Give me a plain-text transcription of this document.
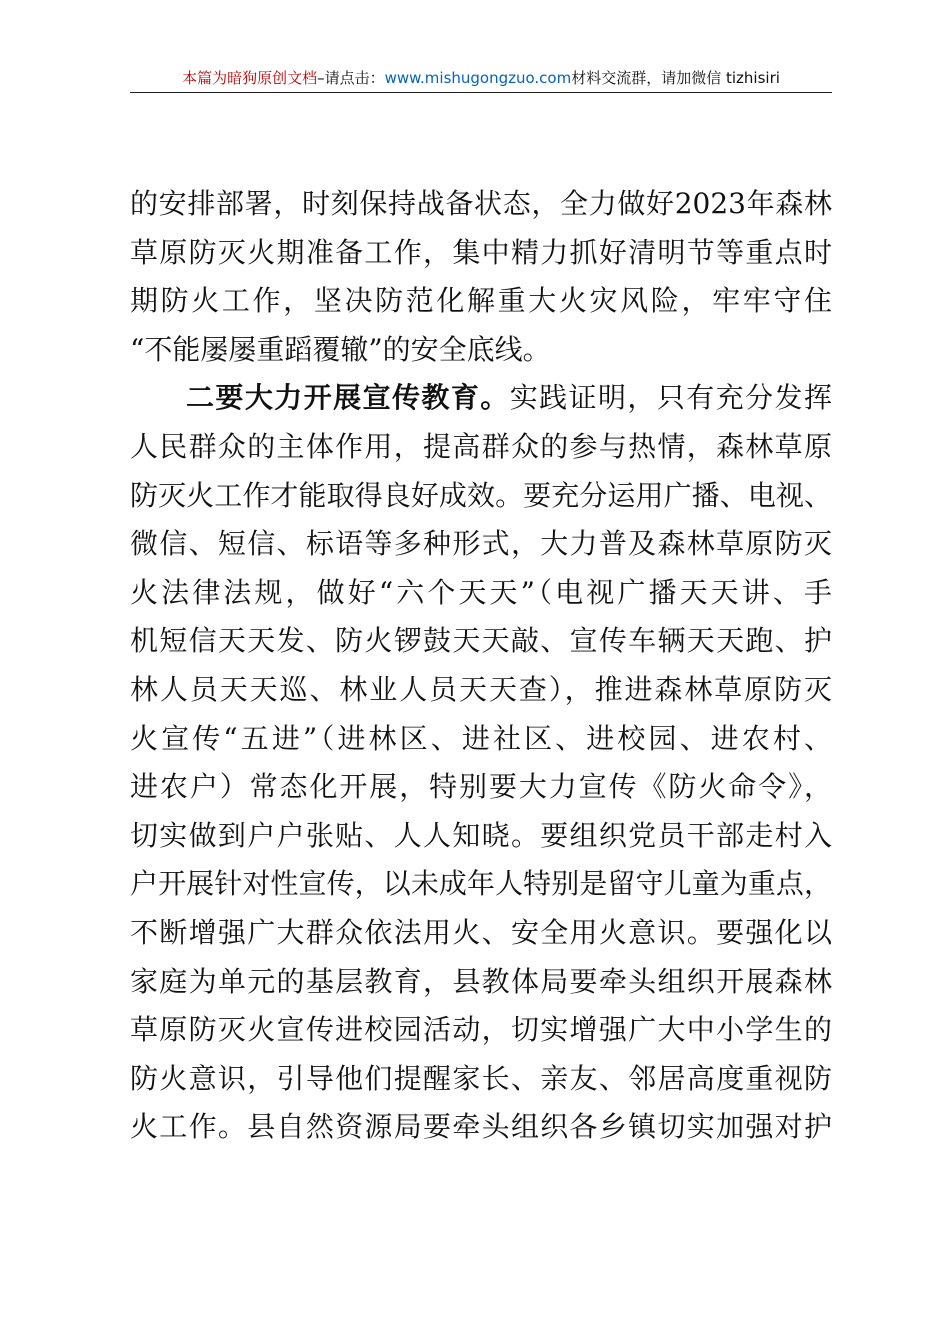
本篇为暗狗原创文档–请点击：www.mishugongzuo.com材料交流群，请加微信 tizhisiri
的安排部署，时刻保持战备状态，全力做好2023年森林
草原防灭火期准备工作，集中精力抓好清明节等重点时
期防火工作，坚决防范化解重大火灾风险，牢牢守住
“不能屡屡重蹈覆辙”的安全底线。
二要大力开展宣传教育。实践证明，只有充分发挥
人民群众的主体作用，提高群众的参与热情，森林草原
防灭火工作才能取得良好成效。要充分运用广播、电视、
微信、短信、标语等多种形式，大力普及森林草原防灭
火法律法规，做好“六个天天”（电视广播天天讲、手
机短信天天发、防火锣鼓天天敲、宣传车辆天天跑、护
林人员天天巡、林业人员天天查），推进森林草原防灭
火宣传“五进”（进林区、进社区、进校园、进农村、
进农户）常态化开展，特别要大力宣传《防火命令》，
切实做到户户张贴、人人知晓。要组织党员干部走村入
户开展针对性宣传，以未成年人特别是留守儿童为重点，
不断增强广大群众依法用火、安全用火意识。要强化以
家庭为单元的基层教育，县教体局要牵头组织开展森林
草原防灭火宣传进校园活动，切实增强广大中小学生的
防火意识，引导他们提醒家长、亲友、邻居高度重视防
火工作。县自然资源局要牵头组织各乡镇切实加强对护
